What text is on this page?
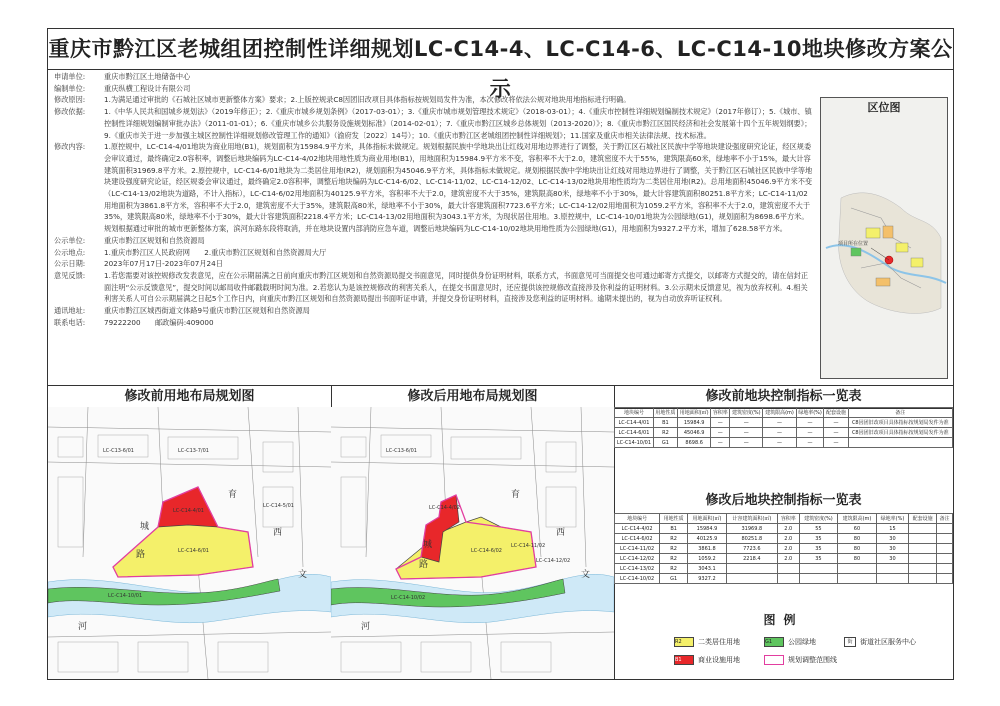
重庆市黔江区老城组团控制性详细规划LC-C14-4、LC-C14-6、LC-C14-10地块修改方案公示
申请单位:	重庆市黔江区土地储备中心
编制单位:	重庆纵横工程设计有限公司
修改原因:	1.为满足通过审批的《石城社区城市更新整体方案》要求；2.上版控规录C8因团旧改项目具体指标按规划局发件为准，本次修改将依法公规对地块用地指标进行明确。
修改依据:	1.《中华人民共和国城乡规划法》（2019年修正）；2.《重庆市城乡规划条例》（2017-03-01）；3.《重庆市城市规划管理技术规定》（2018-03-01）；4.《重庆市控制性详细规划编制技术规定》（2017年修订）；5.《城市、镇控制性详细规划编制审批办法》（2011-01-01）；6.《重庆市城乡公共服务设施规划标准》（2014-02-01）；7.《重庆市黔江区城乡总体规划（2013-2020）》；8.《重庆市黔江区国民经济和社会发展第十四个五年规划纲要》；9.《重庆市关于进一步加强主城区控制性详细规划修改管理工作的通知》（渝府发〔2022〕14号）；10.《重庆市黔江区老城组团控制性详细规划》；11.国家及重庆市相关法律法规、技术标准。
修改内容:	1.原控规中，LC-C14-4/01地块为商业用地(B1)，规划面积为15984.9平方米，具体指标未做规定。规划根据民族中学地块出让红线对用地边界进行了调整，关于黔江区石城社区民族中学等地块建设强度研究论证，经区规委会审议通过，最终确定2.0容积率，调整后地块编码为LC-C14-4/02地块用地性质为商业用地(B1)，用地面积为15984.9平方米不变，容积率不大于2.0，建筑密度不大于55%，建筑限高60米，绿地率不小于15%，最大计容建筑面积31969.8平方米。2.原控规中，LC-C14-6/01地块为二类居住用地(R2)，规划面积为45046.9平方米，具体指标未做规定。规划根据民族中学地块出让红线对用地边界进行了调整，关于黔江区石城社区民族中学等地块建设强度研究论证，经区规委会审议通过，最终确定2.0容积率，调整后地块编码为LC-C14-6/02、LC-C14-11/02、LC-C14-12/02、LC-C14-13/02地块用地性质均为二类居住用地(R2)。总用地面积45046.9平方米不变（LC-C14-13/02地块为道路，不计入指标），LC-C14-6/02用地面积为40125.9平方米，容积率不大于2.0，建筑密度不大于35%，建筑限高80米，绿地率不小于30%，最大计容建筑面积80251.8平方米；LC-C14-11/02用地面积为3861.8平方米，容积率不大于2.0，建筑密度不大于35%，建筑限高80米，绿地率不小于30%，最大计容建筑面积7723.6平方米；LC-C14-12/02用地面积为1059.2平方米，容积率不大于2.0，建筑密度不大于35%，建筑限高80米，绿地率不小于30%，最大计容建筑面积2218.4平方米；LC-C14-13/02用地面积为3043.1平方米，为现状居住用地。3.原控规中，LC-C14-10/01地块为公园绿地(G1)，规划面积为8698.6平方米。规划根据通过审批的城市更新整体方案，滨河东路东段将取消，并在地块设置内部消防应急车道，调整后地块编码为LC-C14-10/02地块用地性质为公园绿地(G1)，用地面积为9327.2平方米，增加了628.58平方米。
公示单位:	重庆市黔江区规划和自然资源局
公示地点:	1.重庆市黔江区人民政府网　　2.重庆市黔江区规划和自然资源局大厅
公示日期:	2023年07月17日-2023年07月24日
意见反馈:	1.若您需要对该控规修改发表意见，应在公示期届满之日前向重庆市黔江区规划和自然资源局提交书面意见，同时提供身份证明材料，联系方式，书面意见可当面提交也可通过邮寄方式提交，以邮寄方式提交的，请在信封正面注明“公示反馈意见”，提交时间以邮局收件邮戳载明时间为准。2.若您认为是该控规修改的利害关系人，在提交书面意见时，还应提供该控规修改直接涉及你利益的证明材料。3.公示期未反馈意见，视为放弃权利。4.相关利害关系人可自公示期届满之日起5个工作日内，向重庆市黔江区规划和自然资源局提出书面听证申请，并提交身份证明材料，直接涉及您利益的证明材料。逾期未提出的，视为自动放弃听证权利。
通讯地址:	重庆市黔江区城西街道文体路9号重庆市黔江区规划和自然资源局
联系电话:	79222200　　邮政编码:409000
区位图
项目所在位置
修改前用地布局规划图	修改后用地布局规划图	修改前地块控制指标一览表
LC-C13-6/01	LC-C13-7/01
LC-C14-4/01
LC-C14-6/01
LC-C14-10/01
LC-C14-5/01
城
路
西
育
文
河
LC-C13-6/01
LC-C14-4/02
LC-C14-6/02
LC-C14-10/02
LC-C14-11/02
LC-C14-12/02
城
路
西
育
文
河
地块编号	用地性质	用地面积(㎡)	容积率	建筑密度(%)	建筑限高(m)	绿地率(%)	配套设施	备注
LC-C14-4/01	B1	15984.9	—	—	—	—	—	C8因团旧改项目具体指标按规划局发件为准
LC-C14-6/01	R2	45046.9	—	—	—	—	—	C8因团旧改项目具体指标按规划局发件为准
LC-C14-10/01	G1	8698.6	—	—	—	—	—	
修改后地块控制指标一览表
地块编号	用地性质	用地面积(㎡)	计容建筑面积(㎡)	容积率	建筑密度(%)	建筑限高(m)	绿地率(%)	配套设施	备注
LC-C14-4/02	B1	15984.9	31969.8	2.0	55	60	15		
LC-C14-6/02	R2	40125.9	80251.8	2.0	35	80	30		
LC-C14-11/02	R2	3861.8	7723.6	2.0	35	80	30		
LC-C14-12/02	R2	1059.2	2218.4	2.0	35	80	30		
LC-C14-13/02	R2	3043.1							
LC-C14-10/02	G1	9327.2							
图例
R2	二类居住用地	G1	公园绿地	街	街道社区服务中心
B1	商业设施用地	规划调整范围线
